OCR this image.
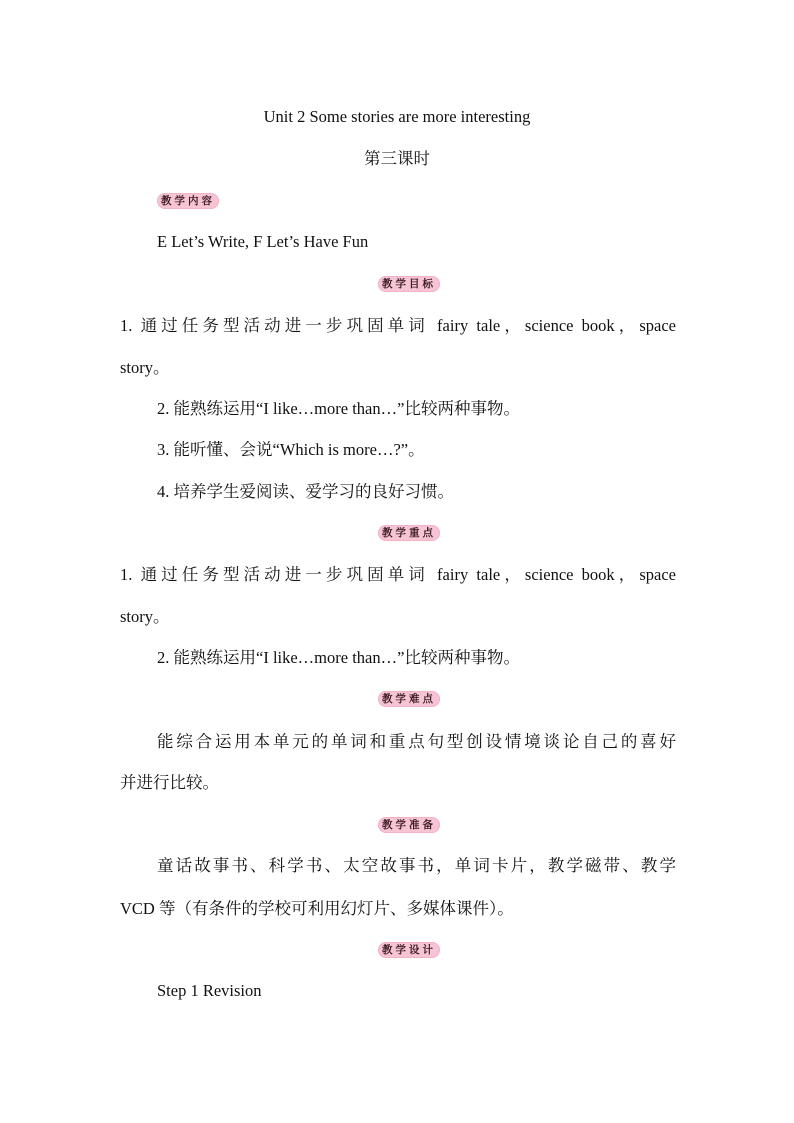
Unit 2 Some stories are more interesting
第三课时
教学内容
E Let’s Write, F Let’s Have Fun
教学目标
1. 通过任务型活动进一步巩固单词 fairy tale，science book，space
story。
2. 能熟练运用“I like…more than…”比较两种事物。
3. 能听懂、会说“Which is more…?”。
4. 培养学生爱阅读、爱学习的良好习惯。
教学重点
1. 通过任务型活动进一步巩固单词 fairy tale，science book，space
story。
2. 能熟练运用“I like…more than…”比较两种事物。
教学难点
能综合运用本单元的单词和重点句型创设情境谈论自己的喜好
并进行比较。
教学准备
童话故事书、科学书、太空故事书，单词卡片，教学磁带、教学
VCD 等（有条件的学校可利用幻灯片、多媒体课件）。
教学设计
Step 1 Revision
